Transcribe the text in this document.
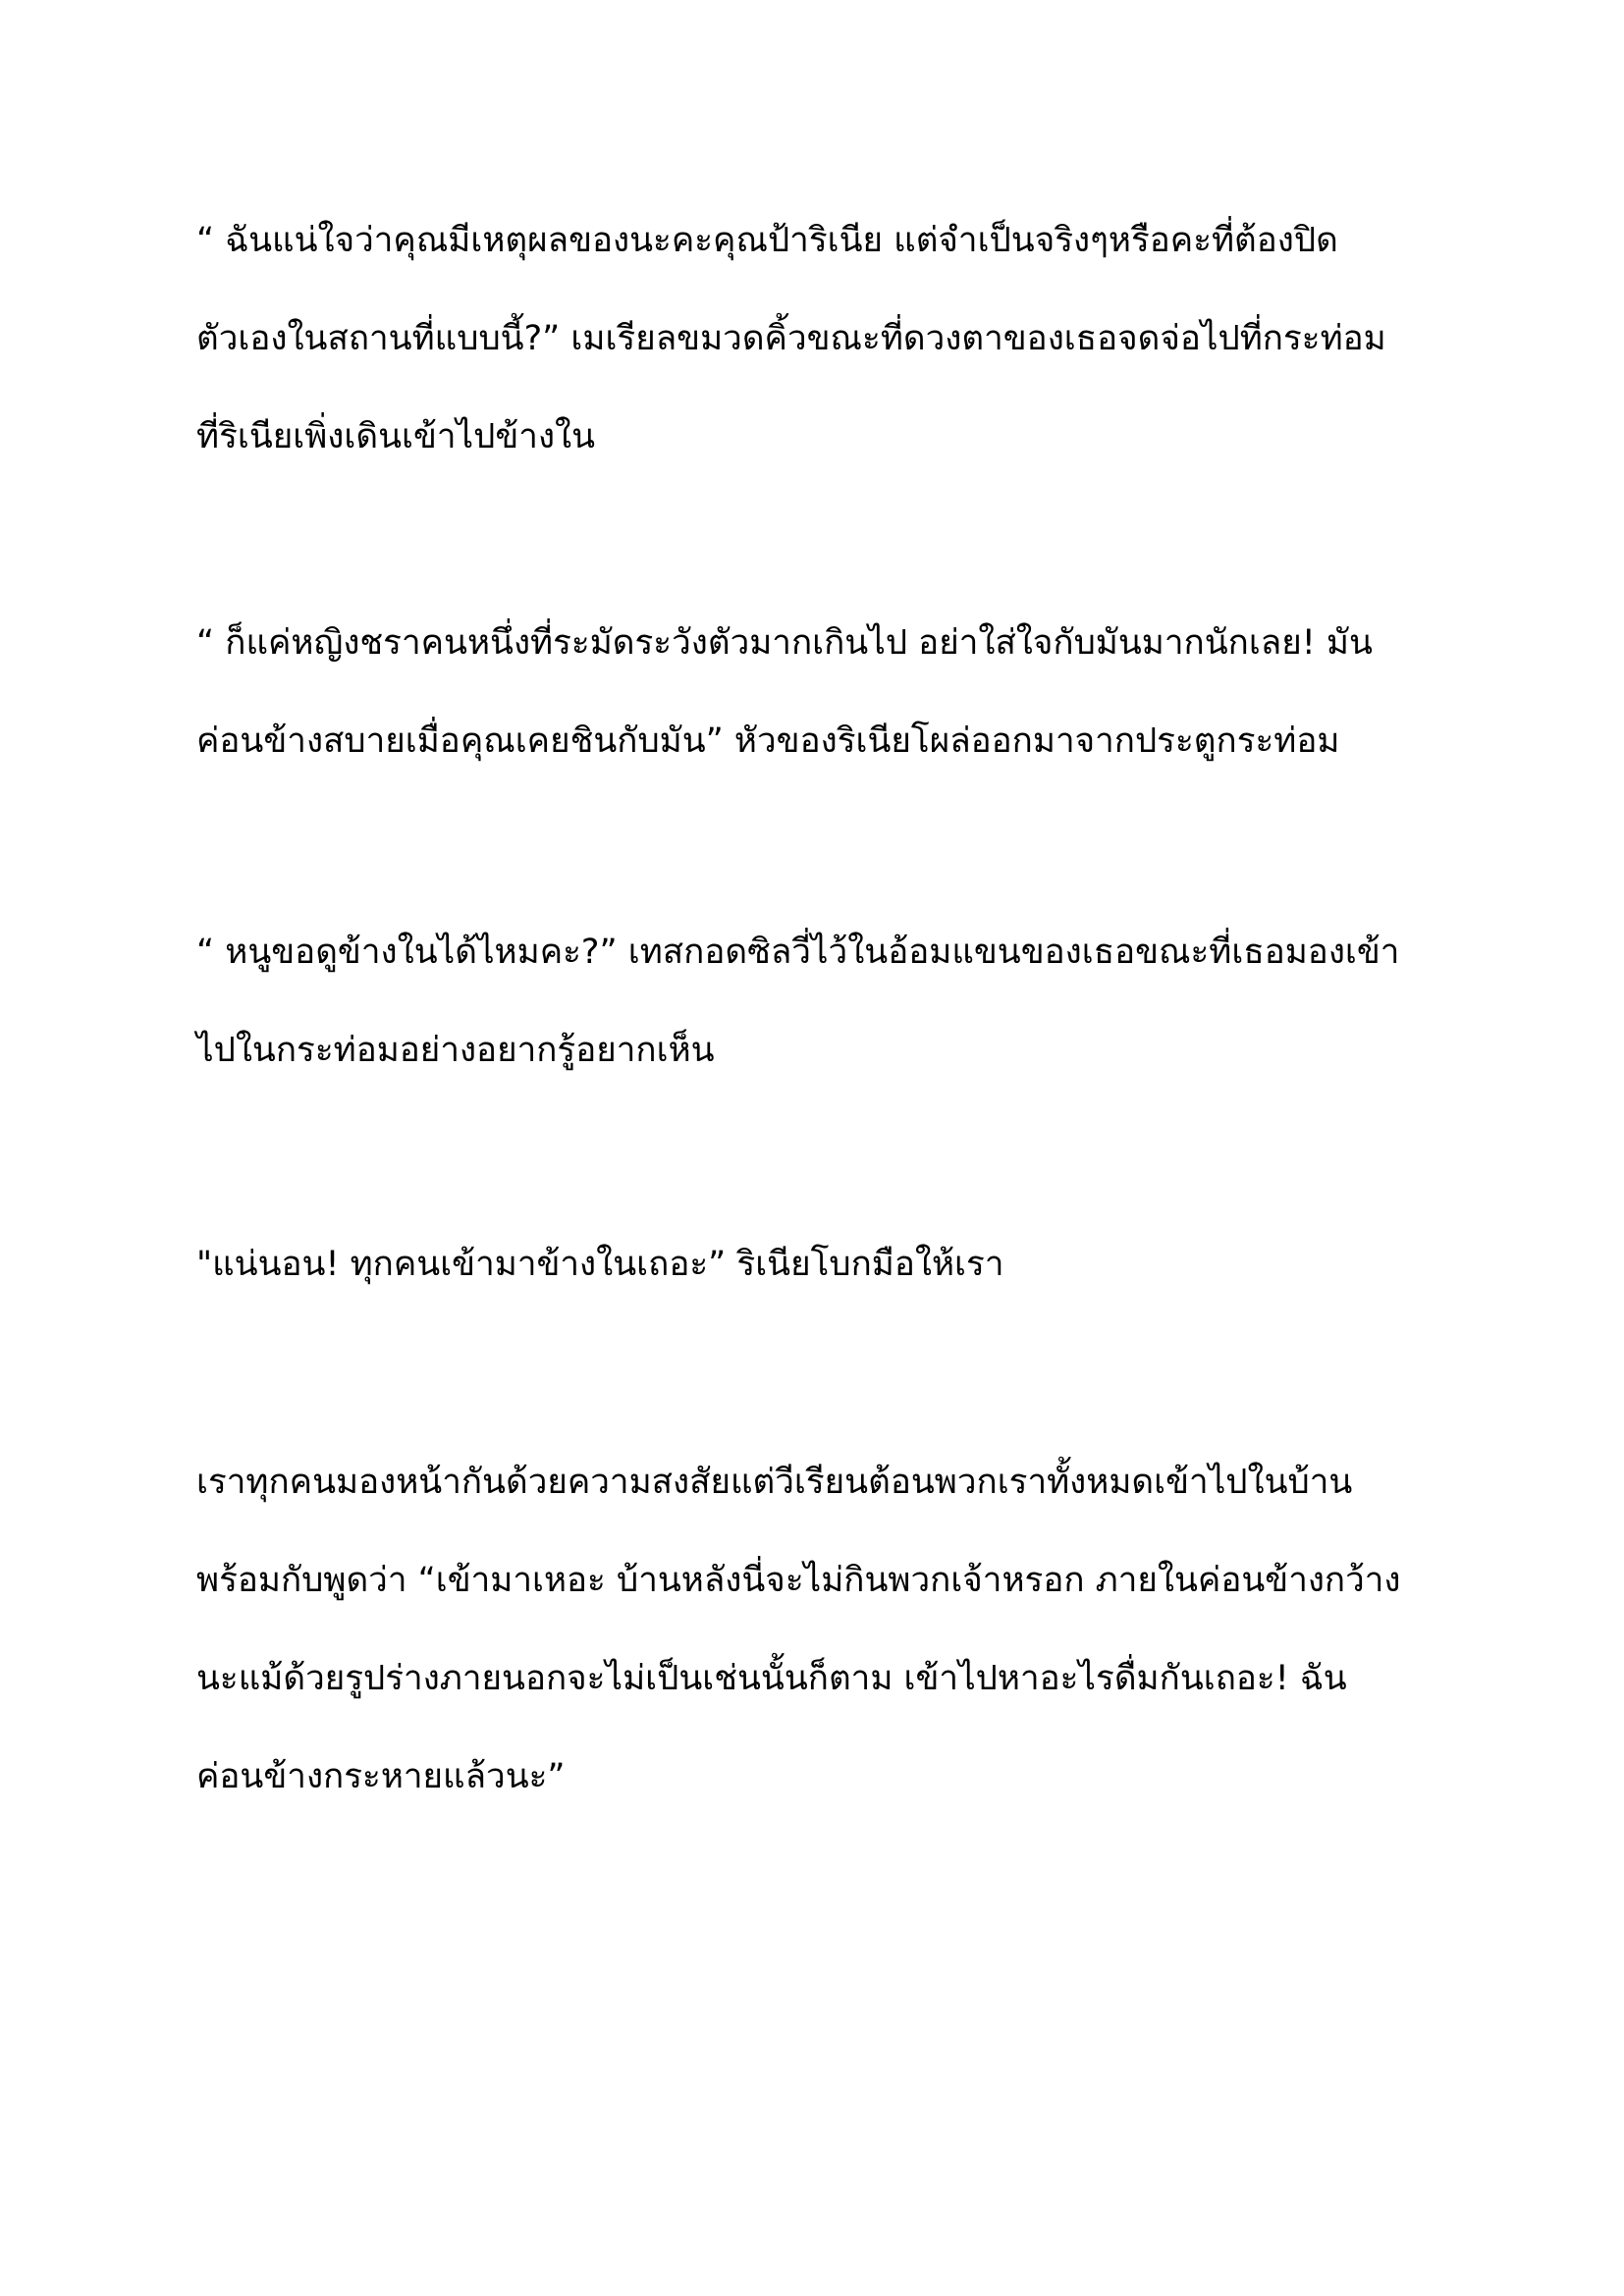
“ ฉันแน่ใจว่าคุณมีเหตุผลของนะคะคุณป้าริเนีย แต่จำเป็นจริงๆหรือคะที่ต้องปิด
ตัวเองในสถานที่แบบนี้?” เมเรียลขมวดคิ้วขณะที่ดวงตาของเธอจดจ่อไปที่กระท่อม
ที่ริเนียเพิ่งเดินเข้าไปข้างใน
“ ก็แค่หญิงชราคนหนึ่งที่ระมัดระวังตัวมากเกินไป อย่าใส่ใจกับมันมากนักเลย! มัน
ค่อนข้างสบายเมื่อคุณเคยชินกับมัน” หัวของริเนียโผล่ออกมาจากประตูกระท่อม
“ หนูขอดูข้างในได้ไหมคะ?” เทสกอดซิลวี่ไว้ในอ้อมแขนของเธอขณะที่เธอมองเข้า
ไปในกระท่อมอย่างอยากรู้อยากเห็น
"แน่นอน! ทุกคนเข้ามาข้างในเถอะ” ริเนียโบกมือให้เรา
เราทุกคนมองหน้ากันด้วยความสงสัยแต่วีเรียนต้อนพวกเราทั้งหมดเข้าไปในบ้าน
พร้อมกับพูดว่า “เข้ามาเหอะ บ้านหลังนี่จะไม่กินพวกเจ้าหรอก ภายในค่อนข้างกว้าง
นะแม้ด้วยรูปร่างภายนอกจะไม่เป็นเช่นนั้นก็ตาม เข้าไปหาอะไรดื่มกันเถอะ! ฉัน
ค่อนข้างกระหายแล้วนะ”
